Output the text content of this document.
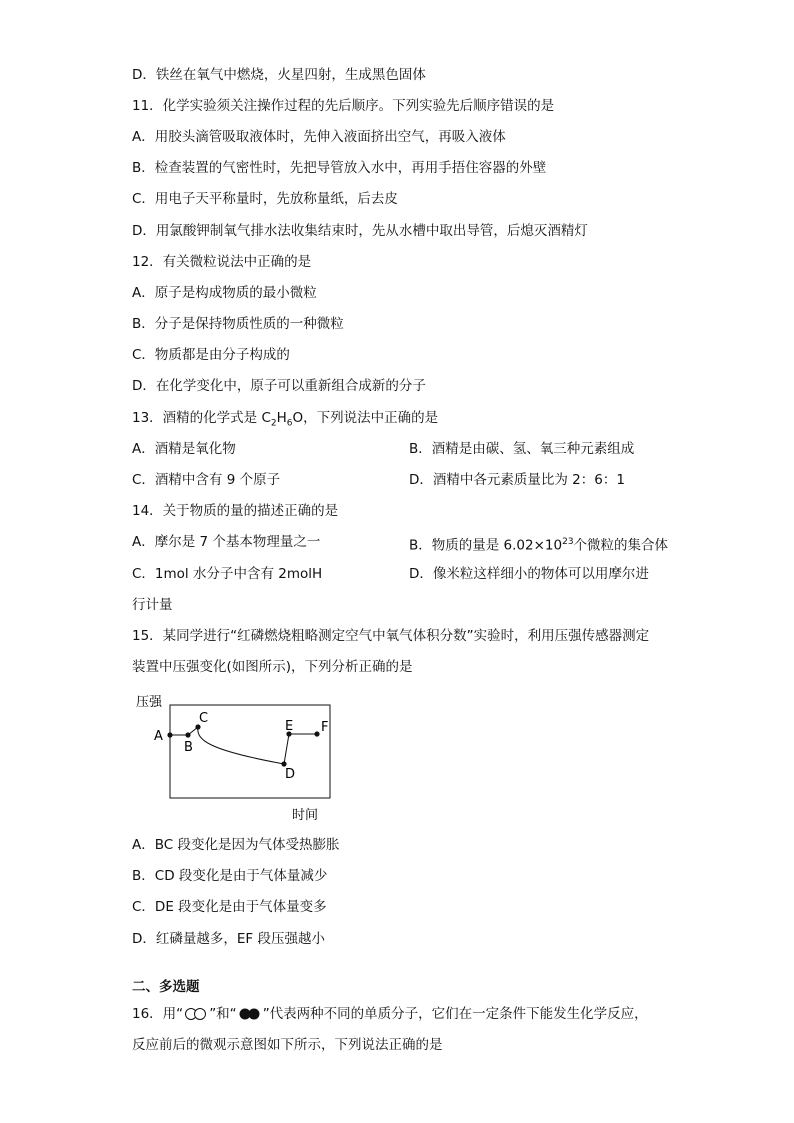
D．铁丝在氧气中燃烧，火星四射，生成黑色固体
11．化学实验须关注操作过程的先后顺序。下列实验先后顺序错误的是
A．用胶头滴管吸取液体时，先伸入液面挤出空气，再吸入液体
B．检查装置的气密性时，先把导管放入水中，再用手捂住容器的外壁
C．用电子天平称量时，先放称量纸，后去皮
D．用氯酸钾制氧气排水法收集结束时，先从水槽中取出导管，后熄灭酒精灯
12．有关微粒说法中正确的是
A．原子是构成物质的最小微粒
B．分子是保持物质性质的一种微粒
C．物质都是由分子构成的
D．在化学变化中，原子可以重新组合成新的分子
13．酒精的化学式是 $C_2H_6O$，下列说法中正确的是
A．酒精是氧化物	B．酒精是由碳、氢、氧三种元素组成
C．酒精中含有 9 个原子	D．酒精中各元素质量比为 2：6：1
14．关于物质的量的描述正确的是
A．摩尔是 7 个基本物理量之一	B．物质的量是 $6.02\times 10^{23}$个微粒的集合体
C．1mol 水分子中含有 2molH	D．像米粒这样细小的物体可以用摩尔进
行计量
15．某同学进行“红磷燃烧粗略测定空气中氧气体积分数”实验时，利用压强传感器测定
装置中压强变化(如图所示)，下列分析正确的是
压强
A
B
C
D
E F
时间
A．BC 段变化是因为气体受热膨胀
B．CD 段变化是由于气体量减少
C．DE 段变化是由于气体量变多
D．红磷量越多，EF 段压强越小
二、多选题
16．用“ ”和“ ”代表两种不同的单质分子，它们在一定条件下能发生化学反应，
反应前后的微观示意图如下所示，下列说法正确的是
